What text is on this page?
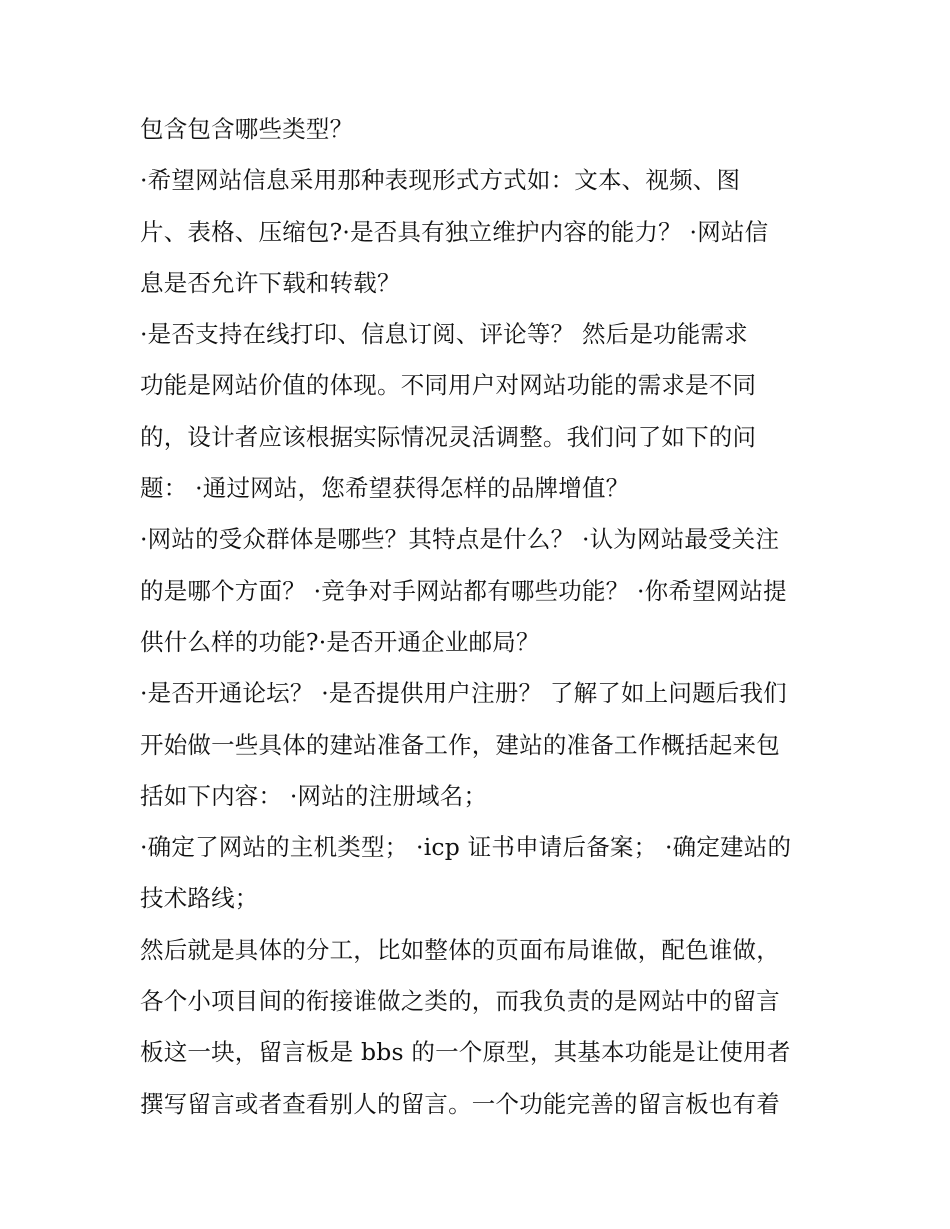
包含包含哪些类型？
·希望网站信息采用那种表现形式方式如：文本、视频、图
片、表格、压缩包?·是否具有独立维护内容的能力？ ·网站信
息是否允许下载和转载？
·是否支持在线打印、信息订阅、评论等？ 然后是功能需求
功能是网站价值的体现。不同用户对网站功能的需求是不同
的，设计者应该根据实际情况灵活调整。我们问了如下的问
题： ·通过网站，您希望获得怎样的品牌增值？
·网站的受众群体是哪些？其特点是什么？ ·认为网站最受关注
的是哪个方面？ ·竞争对手网站都有哪些功能？ ·你希望网站提
供什么样的功能?·是否开通企业邮局？
·是否开通论坛？ ·是否提供用户注册？ 了解了如上问题后我们
开始做一些具体的建站准备工作，建站的准备工作概括起来包
括如下内容： ·网站的注册域名；
·确定了网站的主机类型； ·icp 证书申请后备案； ·确定建站的
技术路线；
然后就是具体的分工，比如整体的页面布局谁做，配色谁做，
各个小项目间的衔接谁做之类的，而我负责的是网站中的留言
板这一块，留言板是 bbs 的一个原型，其基本功能是让使用者
撰写留言或者查看别人的留言。一个功能完善的留言板也有着
